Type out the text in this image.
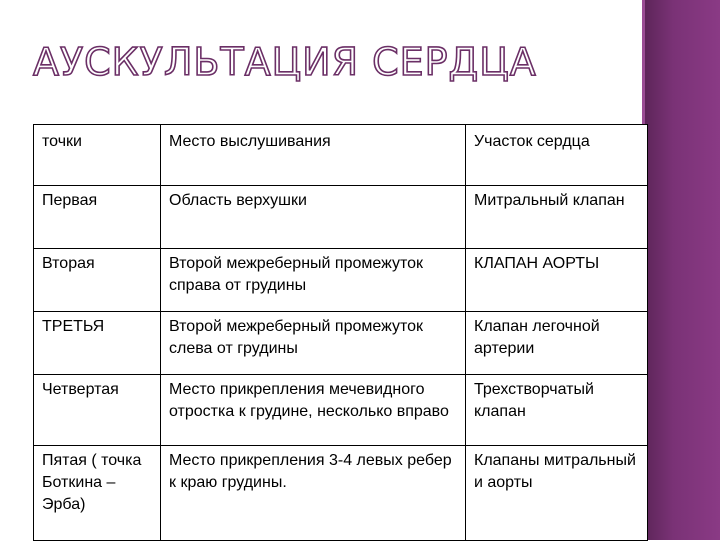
АУСКУЛЬТАЦИЯ СЕРДЦА
точки	Место выслушивания	Участок сердца
Первая	Область верхушки	Митральный клапан
Вторая	Второй межреберный промежуток справа от грудины	КЛАПАН АОРТЫ
ТРЕТЬЯ	Второй межреберный промежуток слева от грудины	Клапан легочной артерии
Четвертая	Место прикрепления мечевидного отростка к грудине, несколько вправо	Трехстворчатый клапан
Пятая ( точка Боткина – Эрба)	Место прикрепления 3-4 левых ребер к краю грудины.	Клапаны митральный и аорты
